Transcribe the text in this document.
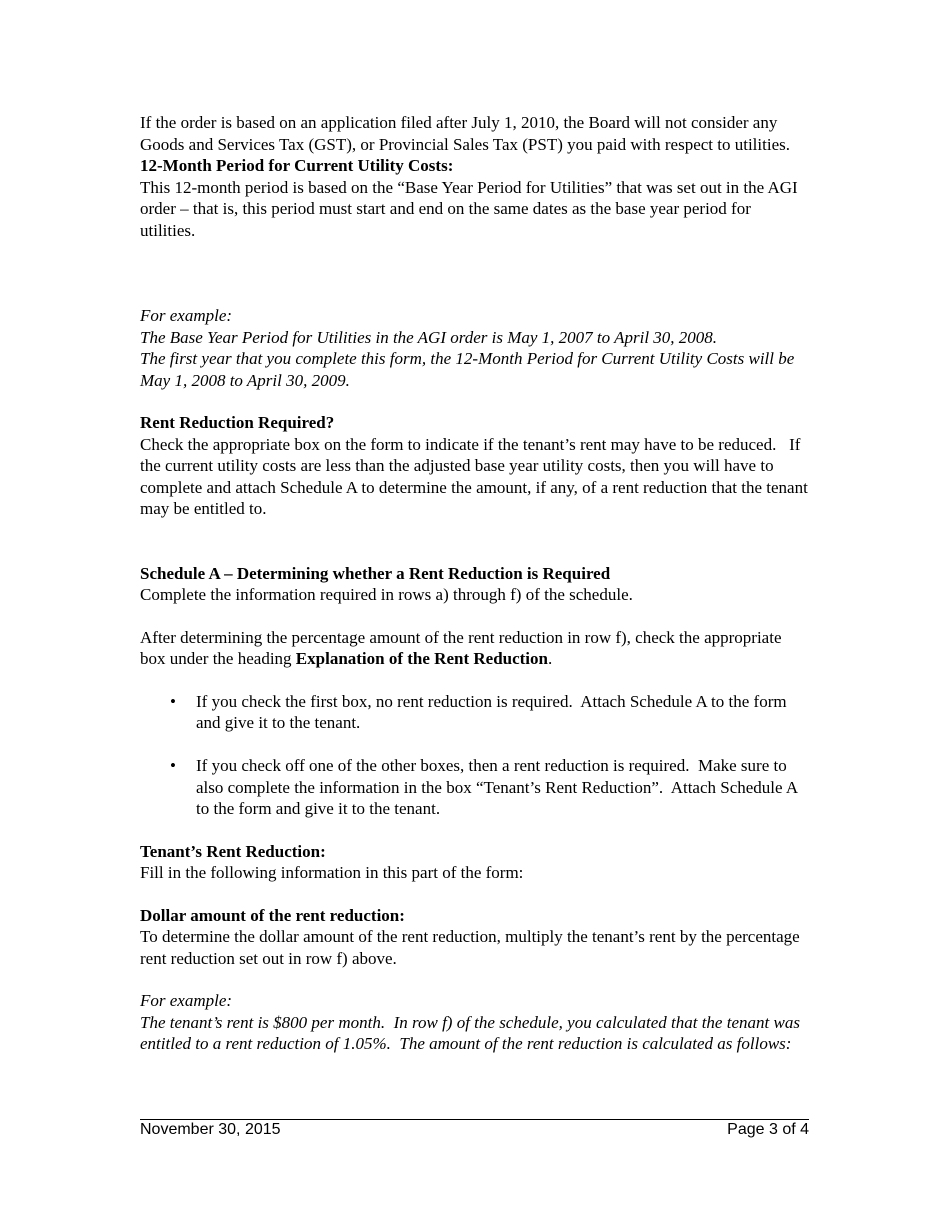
If the order is based on an application filed after July 1, 2010, the Board will not consider any Goods and Services Tax (GST), or Provincial Sales Tax (PST) you paid with respect to utilities.

12-Month Period for Current Utility Costs:

This 12-month period is based on the “Base Year Period for Utilities” that was set out in the AGI order – that is, this period must start and end on the same dates as the base year period for utilities.

For example:

The Base Year Period for Utilities in the AGI order is May 1, 2007 to April 30, 2008.

The first year that you complete this form, the 12-Month Period for Current Utility Costs will be May 1, 2008 to April 30, 2009.

Rent Reduction Required?

Check the appropriate box on the form to indicate if the tenant’s rent may have to be reduced.   If the current utility costs are less than the adjusted base year utility costs, then you will have to complete and attach Schedule A to determine the amount, if any, of a rent reduction that the tenant may be entitled to.

Schedule A – Determining whether a Rent Reduction is Required

Complete the information required in rows a) through f) of the schedule.

After determining the percentage amount of the rent reduction in row f), check the appropriate box under the heading Explanation of the Rent Reduction.

• If you check the first box, no rent reduction is required.  Attach Schedule A to the form and give it to the tenant.
• If you check off one of the other boxes, then a rent reduction is required.  Make sure to also complete the information in the box “Tenant’s Rent Reduction”.  Attach Schedule A to the form and give it to the tenant.

Tenant’s Rent Reduction:

Fill in the following information in this part of the form:

Dollar amount of the rent reduction:

To determine the dollar amount of the rent reduction, multiply the tenant’s rent by the percentage rent reduction set out in row f) above.

For example:

The tenant’s rent is $800 per month.  In row f) of the schedule, you calculated that the tenant was entitled to a rent reduction of 1.05%.  The amount of the rent reduction is calculated as follows:

November 30, 2015	Page 3 of 4
